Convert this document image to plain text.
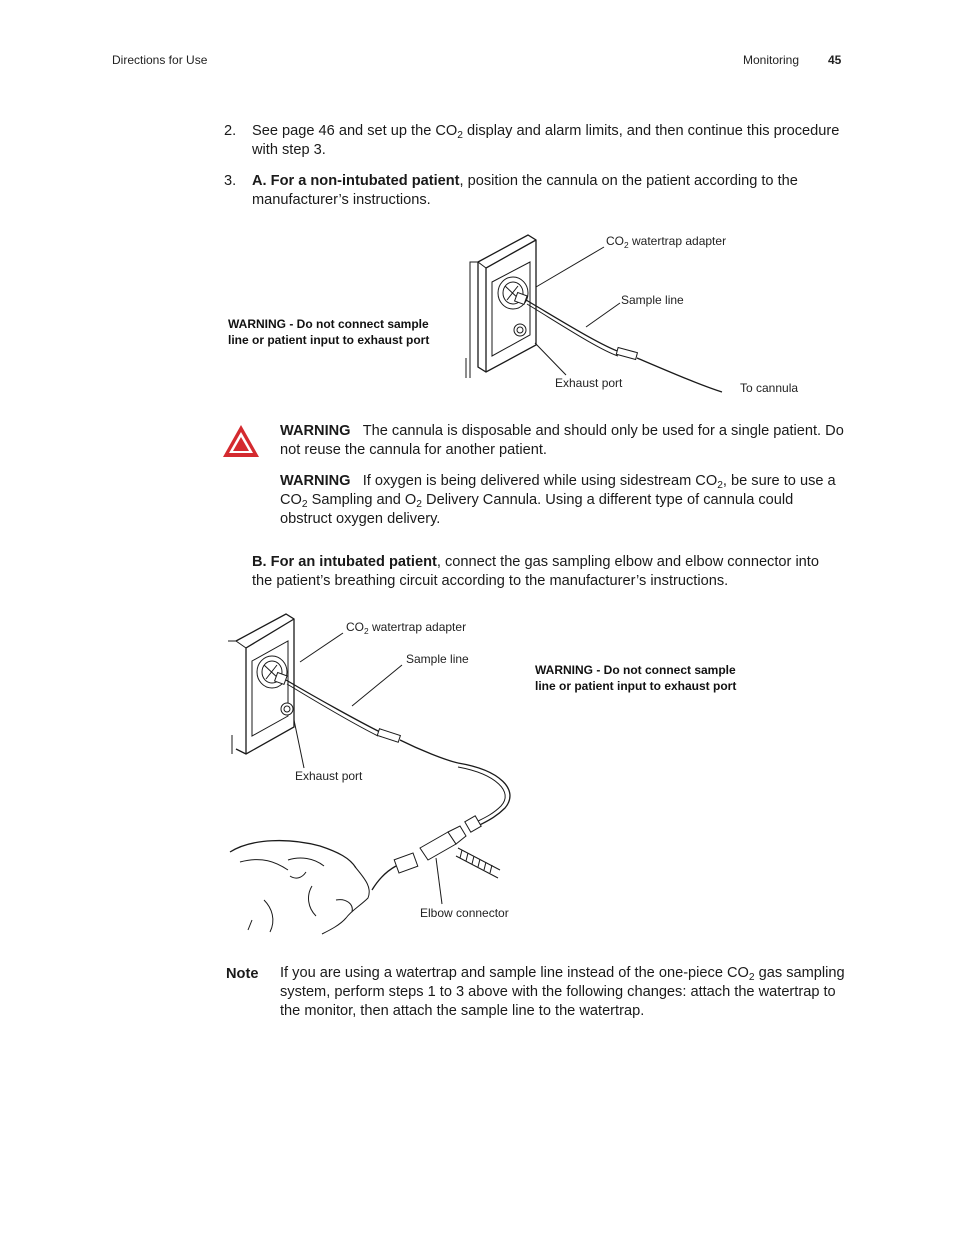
Directions for Use	Monitoring 45
2. See page 46 and set up the $CO_2$ display and alarm limits, and then continue this procedure with step 3.
3. A. For a non-intubated patient, position the cannula on the patient according to the manufacturer’s instructions.
WARNING - Do not connect sample line or patient input to exhaust port
$CO_2$ watertrap adapter
Sample line
Exhaust port	To cannula
WARNING The cannula is disposable and should only be used for a single patient. Do not reuse the cannula for another patient.
WARNING If oxygen is being delivered while using sidestream $CO_2$, be sure to use a $CO_2$ Sampling and $O_2$ Delivery Cannula. Using a different type of cannula could obstruct oxygen delivery.
B. For an intubated patient, connect the gas sampling elbow and elbow connector into the patient’s breathing circuit according to the manufacturer’s instructions.
$CO_2$ watertrap adapter
Sample line
WARNING - Do not connect sample line or patient input to exhaust port
Exhaust port
Elbow connector
Note If you are using a watertrap and sample line instead of the one-piece $CO_2$ gas sampling system, perform steps 1 to 3 above with the following changes: attach the watertrap to the monitor, then attach the sample line to the watertrap.
